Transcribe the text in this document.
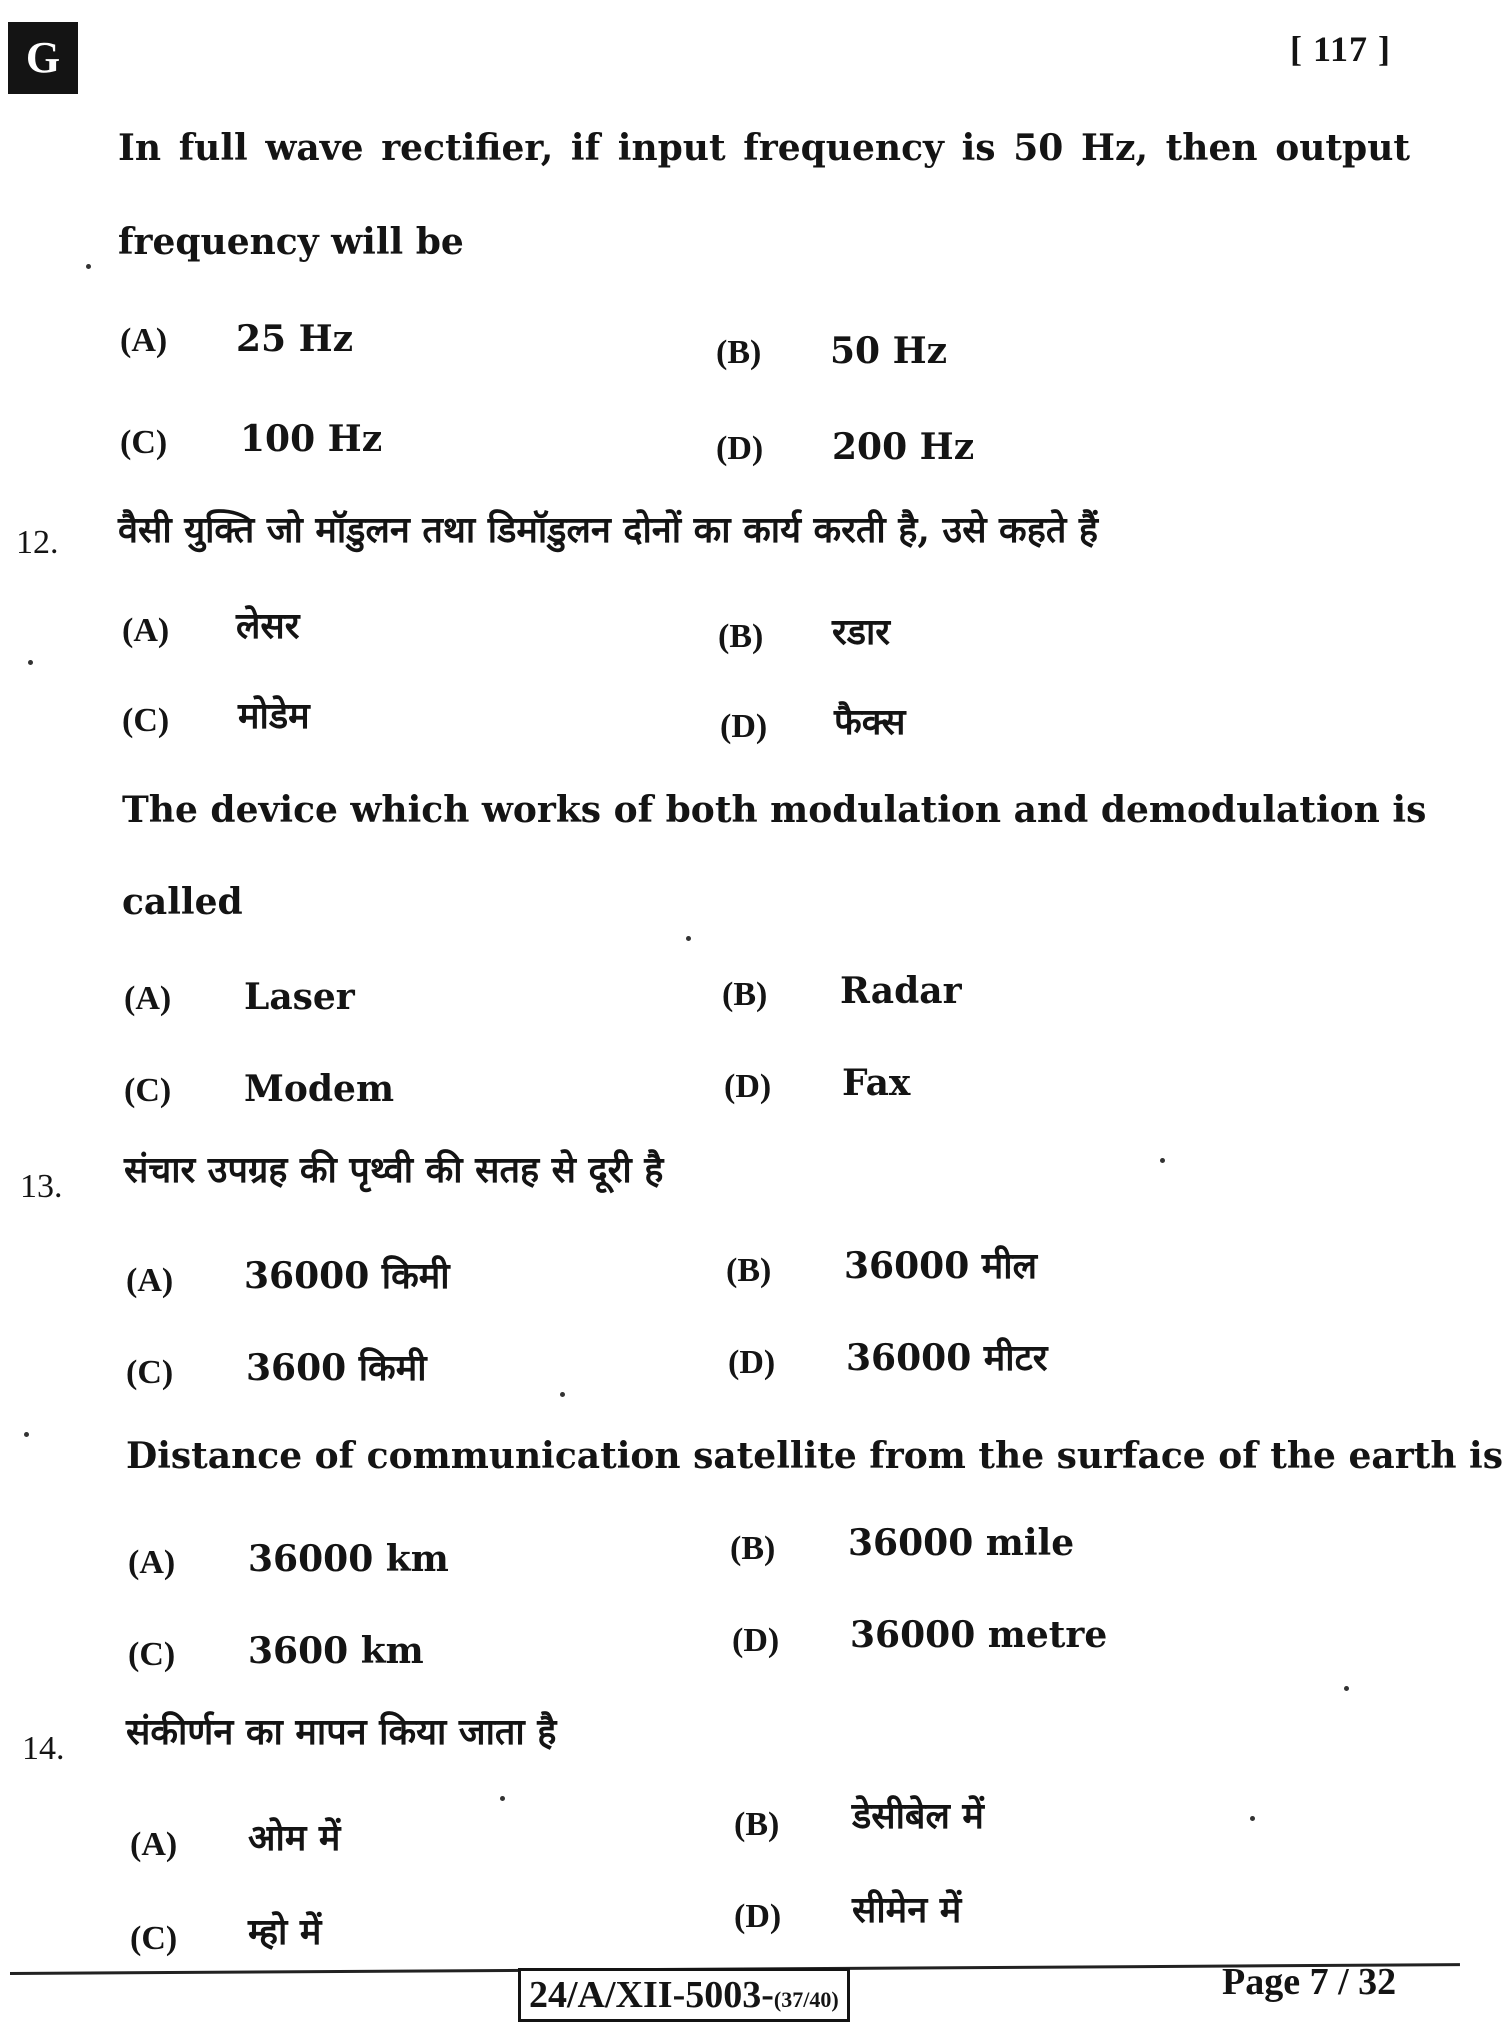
G	[ 117 ]
In full wave rectifier, if input frequency is 50 Hz, then output
frequency will be
(A) 25 Hz	(B) 50 Hz
(C) 100 Hz	(D) 200 Hz
12. वैसी युक्ति जो मॉडुलन तथा डिमॉडुलन दोनों का कार्य करती है, उसे कहते हैं
(A) लेसर	(B) रडार
(C) मोडेम	(D) फैक्स
The device which works of both modulation and demodulation is
called
(A) Laser	(B) Radar
(C) Modem	(D) Fax
13. संचार उपग्रह की पृथ्वी की सतह से दूरी है
(A) 36000 किमी	(B) 36000 मील
(C) 3600 किमी	(D) 36000 मीटर
Distance of communication satellite from the surface of the earth is
(A) 36000 km	(B) 36000 mile
(C) 3600 km	(D) 36000 metre
14. संकीर्णन का मापन किया जाता है
(A) ओम में	(B) डेसीबेल में
(C) म्हो में	(D) सीमेन में
24/A/XII-5003-(37/40)	Page 7 / 32
